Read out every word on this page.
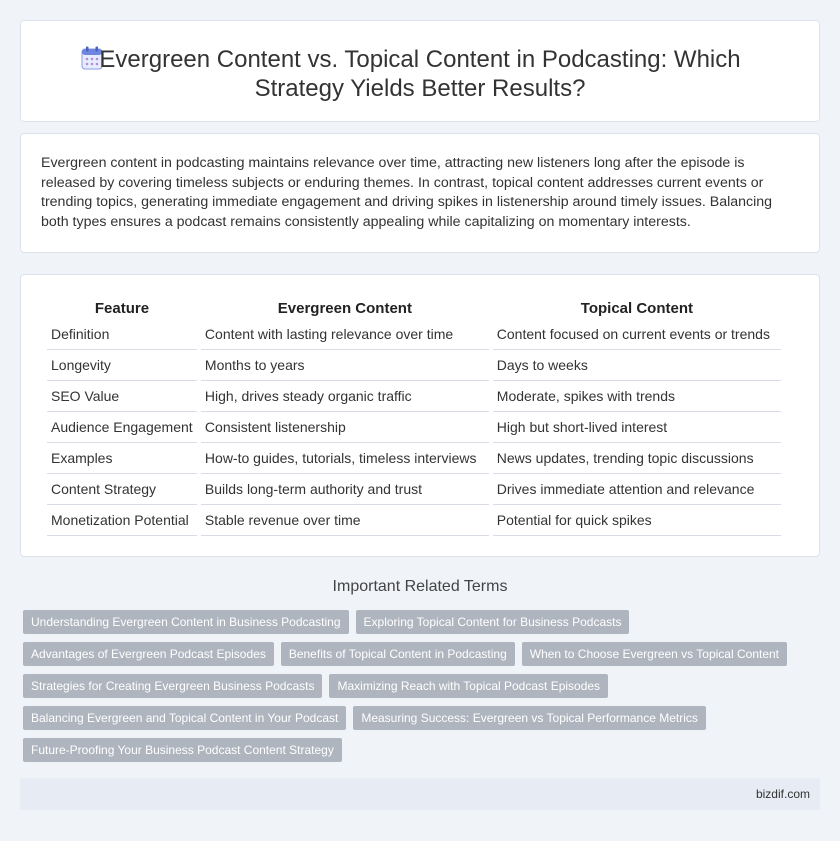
Evergreen Content vs. Topical Content in Podcasting: Which Strategy Yields Better Results?

Evergreen content in podcasting maintains relevance over time, attracting new listeners long after the episode is released by covering timeless subjects or enduring themes. In contrast, topical content addresses current events or trending topics, generating immediate engagement and driving spikes in listenership around timely issues. Balancing both types ensures a podcast remains consistently appealing while capitalizing on momentary interests.

Feature	Evergreen Content	Topical Content
Definition	Content with lasting relevance over time	Content focused on current events or trends
Longevity	Months to years	Days to weeks
SEO Value	High, drives steady organic traffic	Moderate, spikes with trends
Audience Engagement	Consistent listenership	High but short-lived interest
Examples	How-to guides, tutorials, timeless interviews	News updates, trending topic discussions
Content Strategy	Builds long-term authority and trust	Drives immediate attention and relevance
Monetization Potential	Stable revenue over time	Potential for quick spikes
Important Related Terms
Understanding Evergreen Content in Business Podcasting	Exploring Topical Content for Business Podcasts
Advantages of Evergreen Podcast Episodes	Benefits of Topical Content in Podcasting	When to Choose Evergreen vs Topical Content
Strategies for Creating Evergreen Business Podcasts	Maximizing Reach with Topical Podcast Episodes
Balancing Evergreen and Topical Content in Your Podcast	Measuring Success: Evergreen vs Topical Performance Metrics
Future-Proofing Your Business Podcast Content Strategy
bizdif.com
